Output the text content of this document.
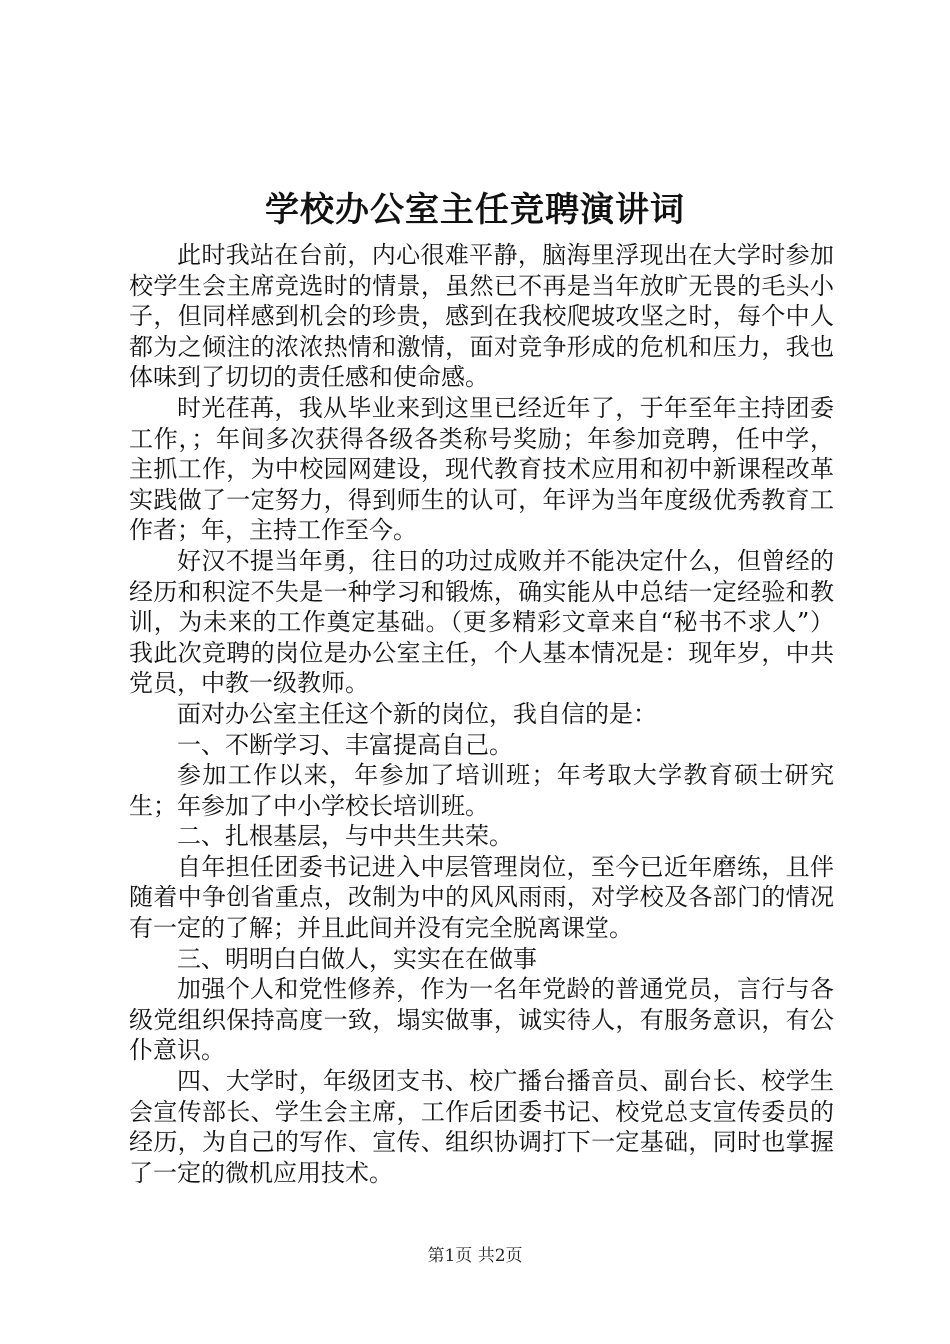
学校办公室主任竞聘演讲词

此时我站在台前，内心很难平静，脑海里浮现出在大学时参加校学生会主席竞选时的情景，虽然已不再是当年放旷无畏的毛头小子，但同样感到机会的珍贵，感到在我校爬坡攻坚之时，每个中人都为之倾注的浓浓热情和激情，面对竞争形成的危机和压力，我也体味到了切切的责任感和使命感。

时光荏苒，我从毕业来到这里已经近年了，于年至年主持团委工作，；年间多次获得各级各类称号奖励；年参加竞聘，任中学，主抓工作，为中校园网建设，现代教育技术应用和初中新课程改革实践做了一定努力，得到师生的认可，年评为当年度级优秀教育工作者；年，主持工作至今。

好汉不提当年勇，往日的功过成败并不能决定什么，但曾经的经历和积淀不失是一种学习和锻炼，确实能从中总结一定经验和教训，为未来的工作奠定基础。（更多精彩文章来自“秘书不求人”）我此次竞聘的岗位是办公室主任，个人基本情况是：现年岁，中共党员，中教一级教师。

面对办公室主任这个新的岗位，我自信的是：

一、不断学习、丰富提高自己。

参加工作以来，年参加了培训班；年考取大学教育硕士研究生；年参加了中小学校长培训班。

二、扎根基层，与中共生共荣。

自年担任团委书记进入中层管理岗位，至今已近年磨练，且伴随着中争创省重点，改制为中的风风雨雨，对学校及各部门的情况有一定的了解；并且此间并没有完全脱离课堂。

三、明明白白做人，实实在在做事

加强个人和党性修养，作为一名年党龄的普通党员，言行与各级党组织保持高度一致，塌实做事，诚实待人，有服务意识，有公仆意识。

四、大学时，年级团支书、校广播台播音员、副台长、校学生会宣传部长、学生会主席，工作后团委书记、校党总支宣传委员的经历，为自己的写作、宣传、组织协调打下一定基础，同时也掌握了一定的微机应用技术。

第1页 共2页
